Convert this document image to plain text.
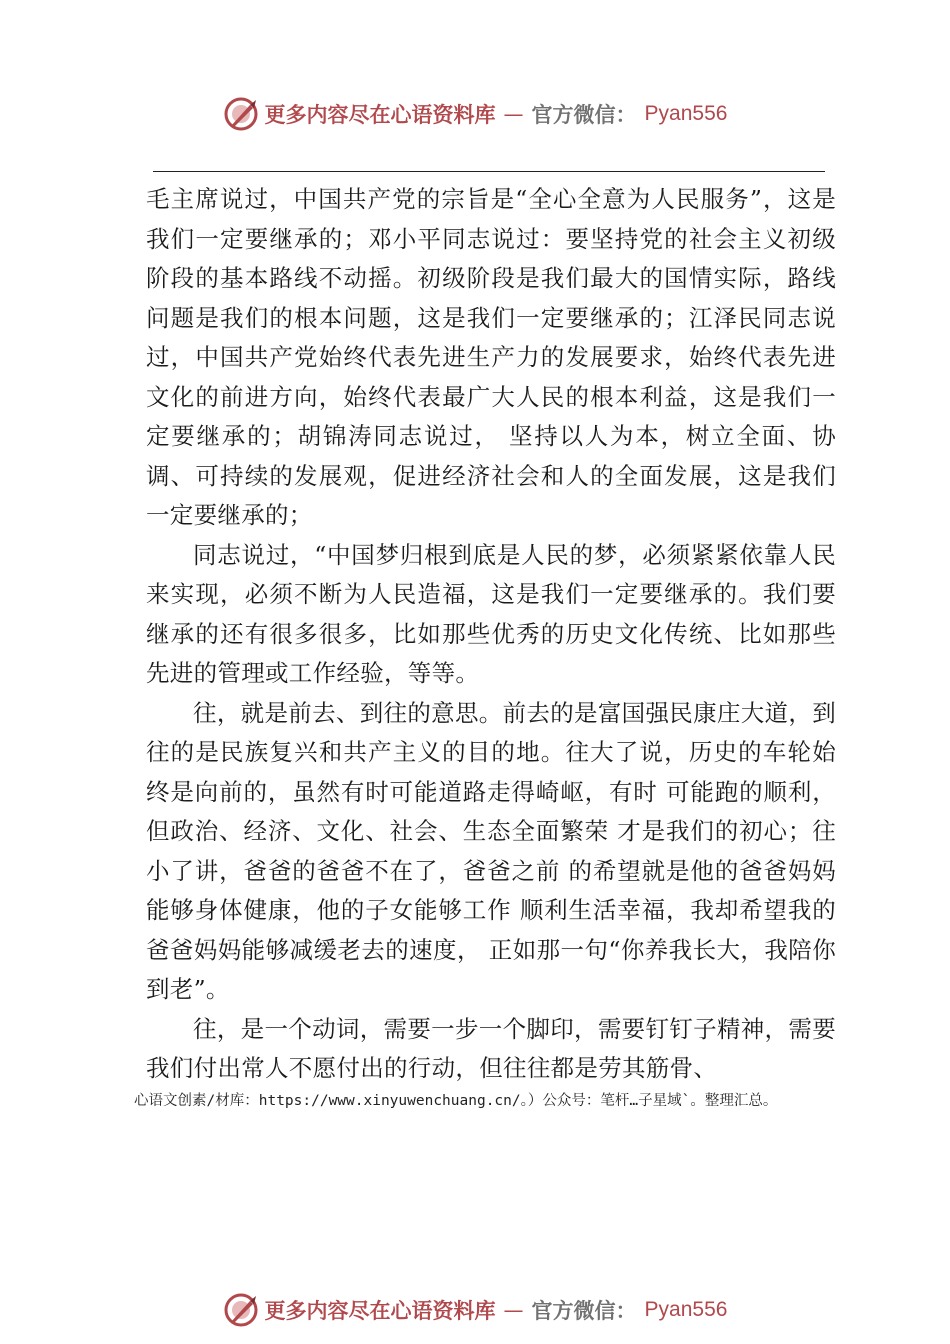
更多内容尽在心语资料库 — 官方微信： Pyan556

毛主席说过，中国共产党的宗旨是“全心全意为人民服务”，这是我们一定要继承的；邓小平同志说过：要坚持党的社会主义初级阶段的基本路线不动摇。初级阶段是我们最大的国情实际，路线问题是我们的根本问题，这是我们一定要继承的；江泽民同志说过，中国共产党始终代表先进生产力的发展要求，始终代表先进文化的前进方向，始终代表最广大人民的根本利益，这是我们一定要继承的；胡锦涛同志说过， 坚持以人为本，树立全面、协调、可持续的发展观，促进经济社会和人的全面发展，这是我们一定要继承的；

同志说过，“中国梦归根到底是人民的梦，必须紧紧依靠人民来实现，必须不断为人民造福，这是我们一定要继承的。我们要继承的还有很多很多，比如那些优秀的历史文化传统、比如那些先进的管理或工作经验，等等。

往，就是前去、到往的意思。前去的是富国强民康庄大道，到往的是民族复兴和共产主义的目的地。往大了说，历史的车轮始终是向前的，虽然有时可能道路走得崎岖，有时 可能跑的顺利，但政治、经济、文化、社会、生态全面繁荣 才是我们的初心；往小了讲，爸爸的爸爸不在了，爸爸之前 的希望就是他的爸爸妈妈能够身体健康，他的子女能够工作 顺利生活幸福，我却希望我的爸爸妈妈能够减缓老去的速度， 正如那一句“你养我长大，我陪你到老”。

往，是一个动词，需要一步一个脚印，需要钉钉子精神，需要我们付出常人不愿付出的行动，但往往都是劳其筋骨、

心语文创素/材库：https://www.xinyuwenchuang.cn/。）公众号：笔杆…子星域`。整理汇总。
更多内容尽在心语资料库 — 官方微信： Pyan556
